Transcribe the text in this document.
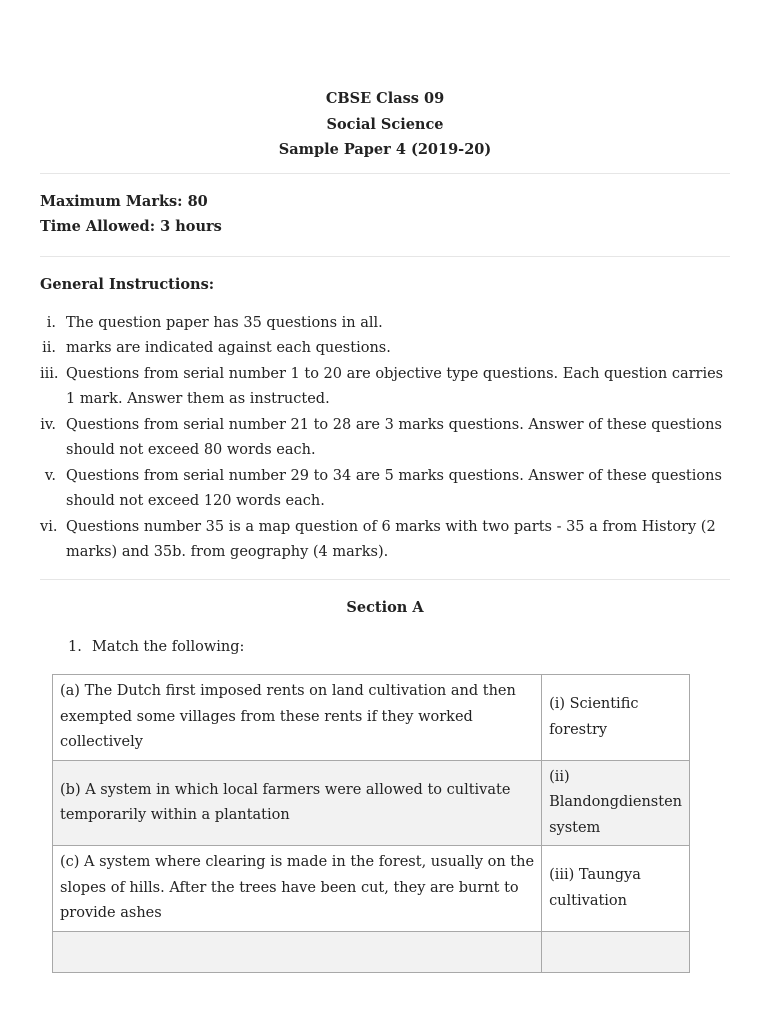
CBSE Class 09
Social Science
Sample Paper 4 (2019-20)
Maximum Marks: 80
Time Allowed: 3 hours
General Instructions:
i. The question paper has 35 questions in all.
ii. marks are indicated against each questions.
iii. Questions from serial number 1 to 20 are objective type questions. Each question carries 1 mark. Answer them as instructed.
iv. Questions from serial number 21 to 28 are 3 marks questions. Answer of these questions should not exceed 80 words each.
v. Questions from serial number 29 to 34 are 5 marks questions. Answer of these questions should not exceed 120 words each.
vi. Questions number 35 is a map question of 6 marks with two parts - 35 a from History (2 marks) and 35b. from geography (4 marks).
Section A
1. Match the following:
(a) The Dutch first imposed rents on land cultivation and then exempted some villages from these rents if they worked collectively	(i) Scientific forestry
(b) A system in which local farmers were allowed to cultivate temporarily within a plantation	(ii) Blandongdiensten system
(c) A system where clearing is made in the forest, usually on the slopes of hills. After the trees have been cut, they are burnt to provide ashes	(iii) Taungya cultivation
